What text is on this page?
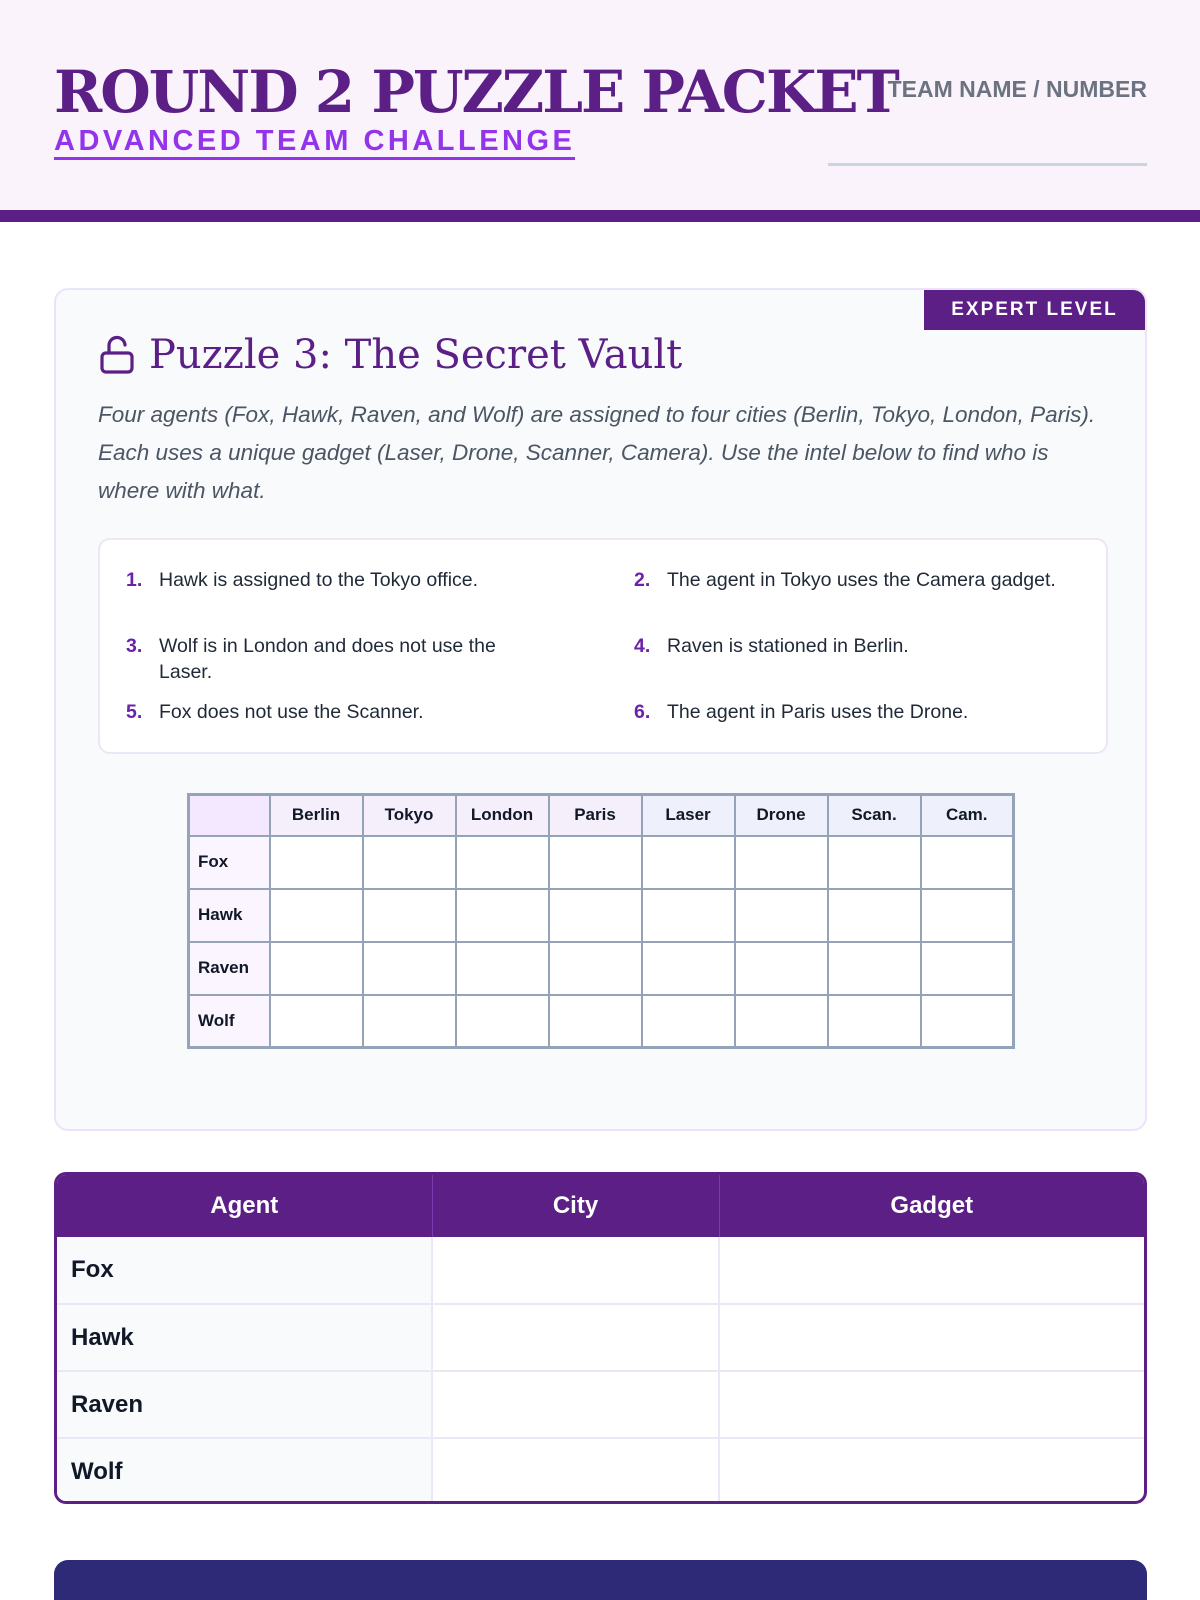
ROUND 2 PUZZLE PACKET
ADVANCED TEAM CHALLENGE
TEAM NAME / NUMBER
EXPERT LEVEL
Puzzle 3: The Secret Vault
Four agents (Fox, Hawk, Raven, and Wolf) are assigned to four cities (Berlin, Tokyo, London, Paris). Each uses a unique gadget (Laser, Drone, Scanner, Camera). Use the intel below to find who is where with what.
1. Hawk is assigned to the Tokyo office.	2. The agent in Tokyo uses the Camera gadget.
3. Wolf is in London and does not use the Laser.
4. Raven is stationed in Berlin.
5. Fox does not use the Scanner.	6. The agent in Paris uses the Drone.
	Berlin	Tokyo	London	Paris	Laser	Drone	Scan.	Cam.
Fox								
Hawk								
Raven								
Wolf								
Agent	City	Gadget
Fox		
Hawk		
Raven		
Wolf		
